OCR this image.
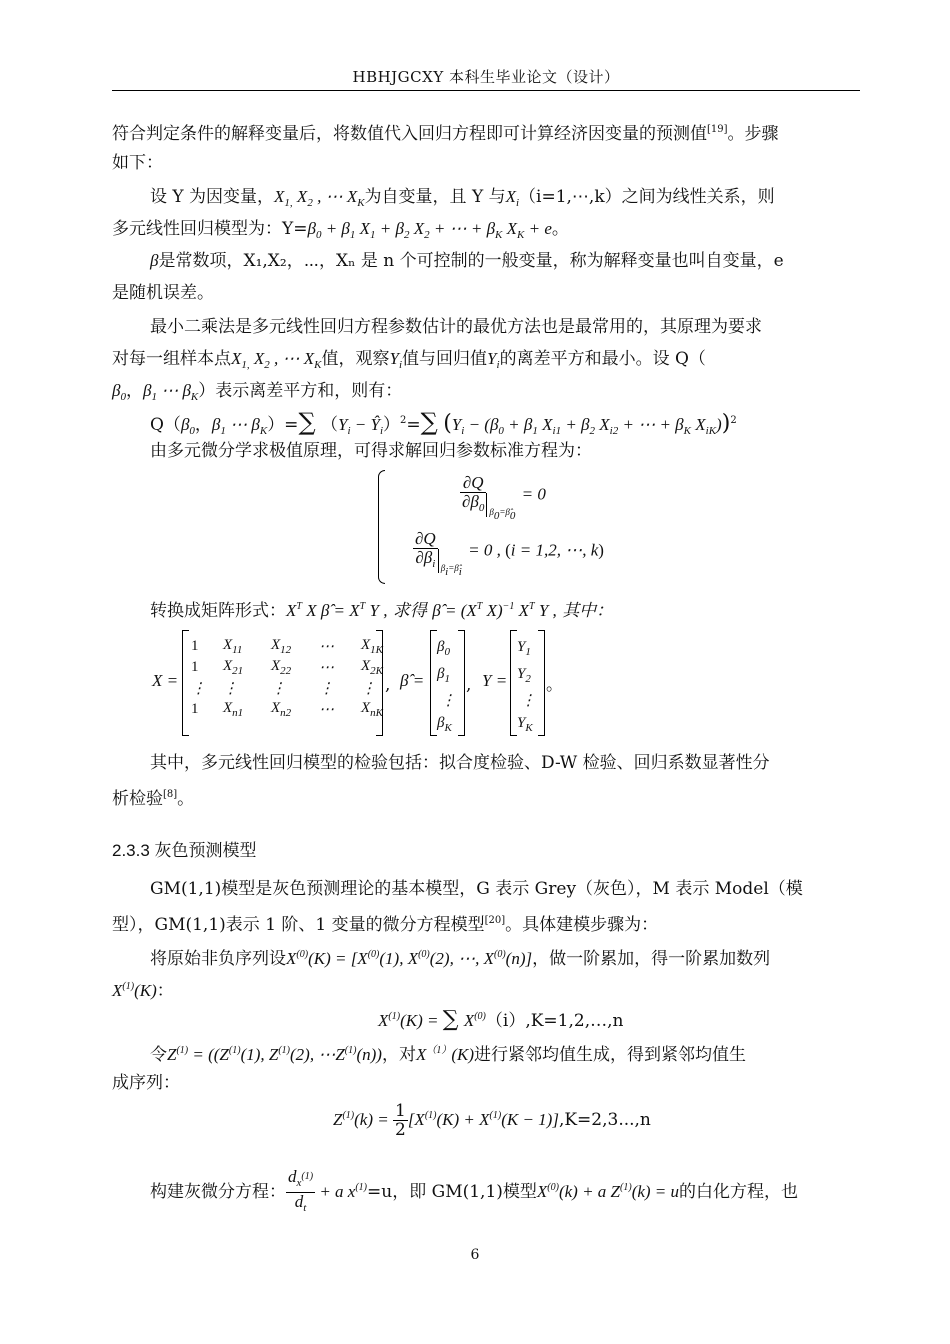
HBHJGCXY 本科生毕业论文（设计）
符合判定条件的解释变量后，将数值代入回归方程即可计算经济因变量的预测值[19]。步骤
如下：
设 Y 为因变量，$X_{1,}$ $X_2$ , ⋯ $X_K$为自变量，且 Y 与$X_i(i=1,\cdots,k)$之间为线性关系，则
多元线性回归模型为：$Y=\beta_0 + \beta_1$ $X_1 + \beta_2$ $X_2$ + ⋯ + $\beta_K$ $X_K + e$。
β是常数项，X₁,X₂，⋯，Xₙ 是 n 个可控制的一般变量，称为解释变量也叫自变量，e
是随机误差。
最小二乘法是多元线性回归方程参数估计的最优方法也是最常用的，其原理为要求
对每一组样本点$X_{1,}$ $X_2$ , ⋯ $X_K$值，观察$Y_i$值与回归值$Y_i$的离差平方和最小。设 Q（
$\beta_0$，$\beta_1$ ⋯ $\beta_K$）表示离差平方和，则有：
$Q(\beta_0$，$\beta_1$ ⋯ $\beta_K)=\sum$ （$Y_i$ − $Ŷ_i)^2=\sum$ ($Y_i - (\beta_0 + \beta_1$ $X_{i1} + \beta_2$ $X_{i2}$ + ⋯ + $\beta_K$ $X_{iK}))^2$
由多元微分学求极值原理，可得求解回归参数标准方程为：
$\frac{\partial Q}{\partial\beta_0} _{\beta_0=\betâ_0} = 0$
$\frac{\partial Q}{\partial\beta_i} _{\beta_i=\betâ_i} = 0$ , (i = 1,2, ⋯, k)
转换成矩阵形式：$X^T$ X β̂ = $X^T$ Y , 求得 β̂ = ($X^T$ X)$^{-1}$ $X^T$ Y , 其中：
X =
1	$X_{11}$	$X_{12}$	⋯	$X_{1K}$
1	$X_{21}$	$X_{22}$	⋯	$X_{2K}$
⋮	⋮	⋮	⋮	⋮
1	$X_{n1}$	$X_{n2}$	⋯	$X_{nK}$
, β̂ =
$\beta_0$
$\beta_1$
⋮
$\beta_K$
, Y =
$Y_1$
$Y_2$
⋮
$Y_K$
。
其中，多元线性回归模型的检验包括：拟合度检验、D-W 检验、回归系数显著性分
析检验[8]。
2.3.3 灰色预测模型
GM(1,1)模型是灰色预测理论的基本模型，G 表示 Grey（灰色），M 表示 Model（模
型），GM(1,1)表示 1 阶、1 变量的微分方程模型[20]。具体建模步骤为：
将原始非负序列设$X^{(0)}(K) = [X^{(0)}(1)$, $X^{(0)}(2)$, ⋯, $X^{(0)}(n)$]，做一阶累加，得一阶累加数列
$X^{(1)}(K)$：
$X^{(1)}(K)$ = ∑ $X^{(0)}(i),K=1,2,\dots,n$
令$Z^{(1)} = ((Z^{(1)}(1)$, $Z^{(1)}(2)$, $\cdots Z^{(1)}(n)$)，对$X^{(1)}(K)$进行紧邻均值生成，得到紧邻均值生
成序列：
$Z^{(1)}(k) = \frac{1}{2} [X^{(1)}(K) + X^{(1)}(K - 1)],K=2,3...,n$
构建灰微分方程： $\frac{d_{x^{(1)}}}{d_t} + a$ $x^{(1)}=u$，即 GM(1,1)模型$X^{(0)}(k) + a$ $Z^{(1)}(k) = u$的白化方程，也
6
